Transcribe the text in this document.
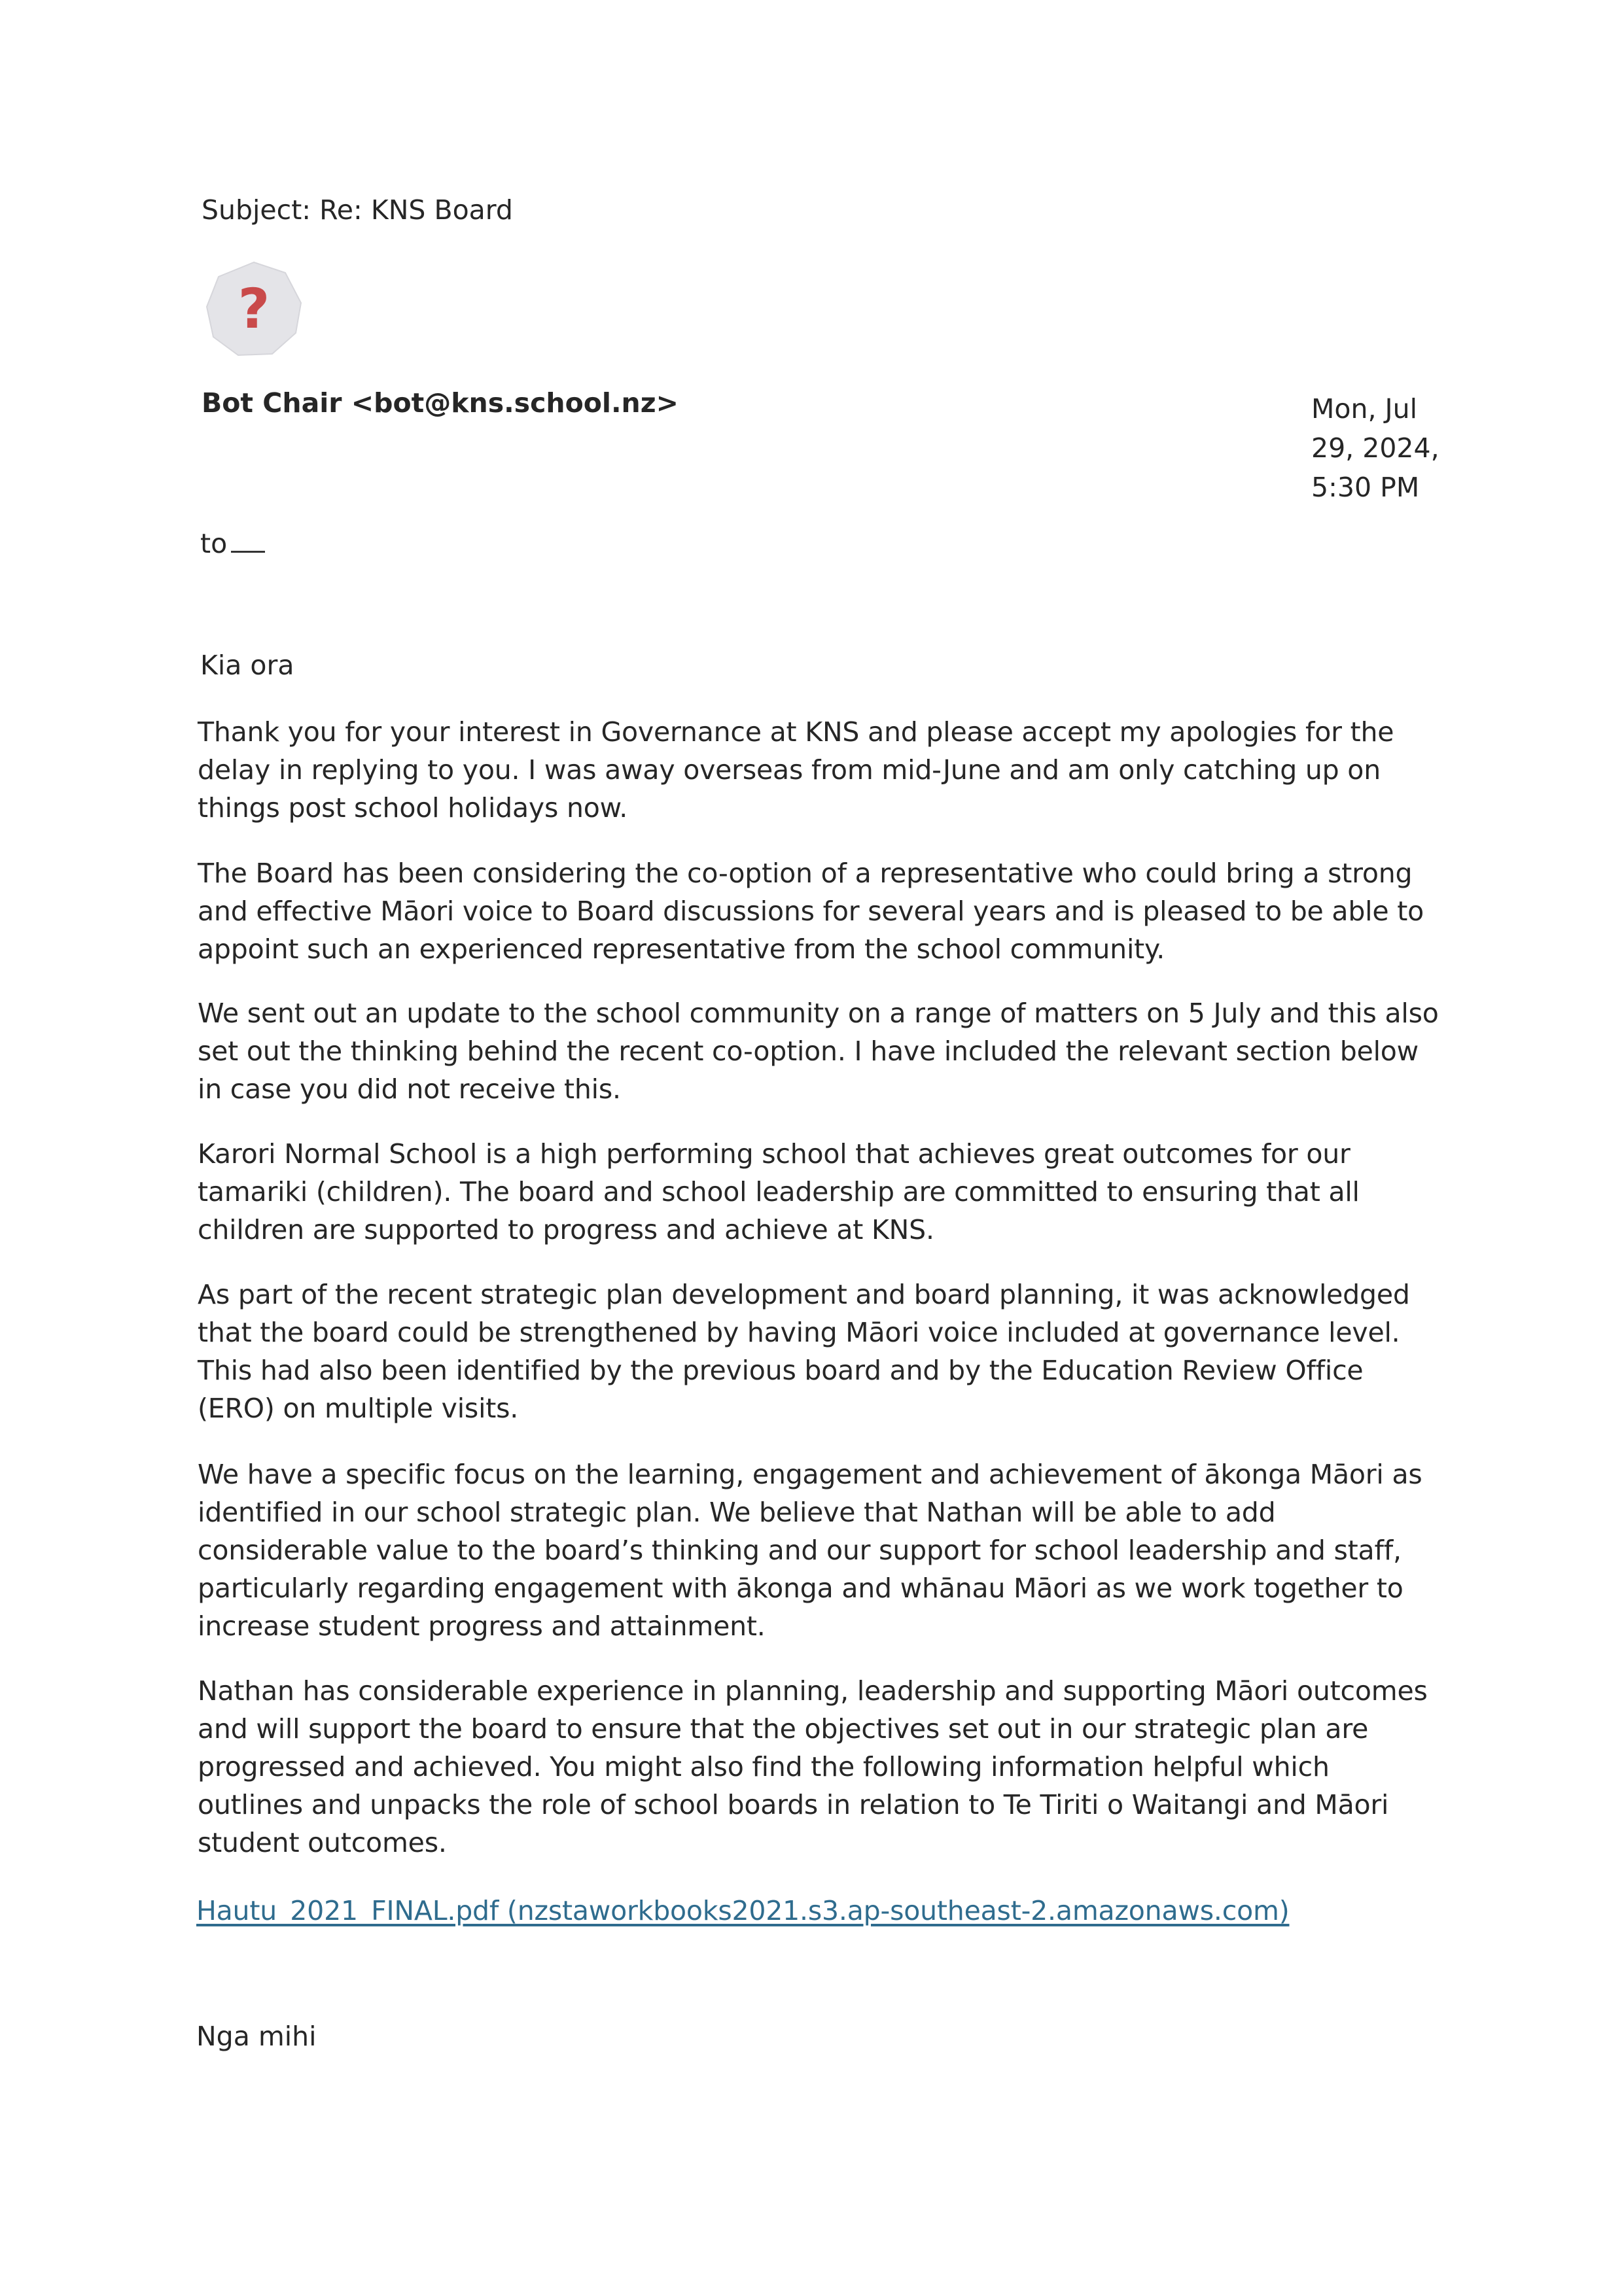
Subject: Re: KNS Board

?

Bot Chair <bot@kns.school.nz>	Mon, Jul
29, 2024,
5:30 PM

to

Kia ora

Thank you for your interest in Governance at KNS and please accept my apologies for the delay in replying to you. I was away overseas from mid-June and am only catching up on things post school holidays now.

The Board has been considering the co-option of a representative who could bring a strong and effective Māori voice to Board discussions for several years and is pleased to be able to appoint such an experienced representative from the school community.

We sent out an update to the school community on a range of matters on 5 July and this also set out the thinking behind the recent co-option. I have included the relevant section below in case you did not receive this.

Karori Normal School is a high performing school that achieves great outcomes for our tamariki (children). The board and school leadership are committed to ensuring that all children are supported to progress and achieve at KNS.

As part of the recent strategic plan development and board planning, it was acknowledged that the board could be strengthened by having Māori voice included at governance level. This had also been identified by the previous board and by the Education Review Office (ERO) on multiple visits.

We have a specific focus on the learning, engagement and achievement of ākonga Māori as identified in our school strategic plan. We believe that Nathan will be able to add considerable value to the board’s thinking and our support for school leadership and staff, particularly regarding engagement with ākonga and whānau Māori as we work together to increase student progress and attainment.

Nathan has considerable experience in planning, leadership and supporting Māori outcomes and will support the board to ensure that the objectives set out in our strategic plan are progressed and achieved. You might also find the following information helpful which outlines and unpacks the role of school boards in relation to Te Tiriti o Waitangi and Māori student outcomes.

Hautu_2021_FINAL.pdf (nzstaworkbooks2021.s3.ap-southeast-2.amazonaws.com)

Nga mihi
